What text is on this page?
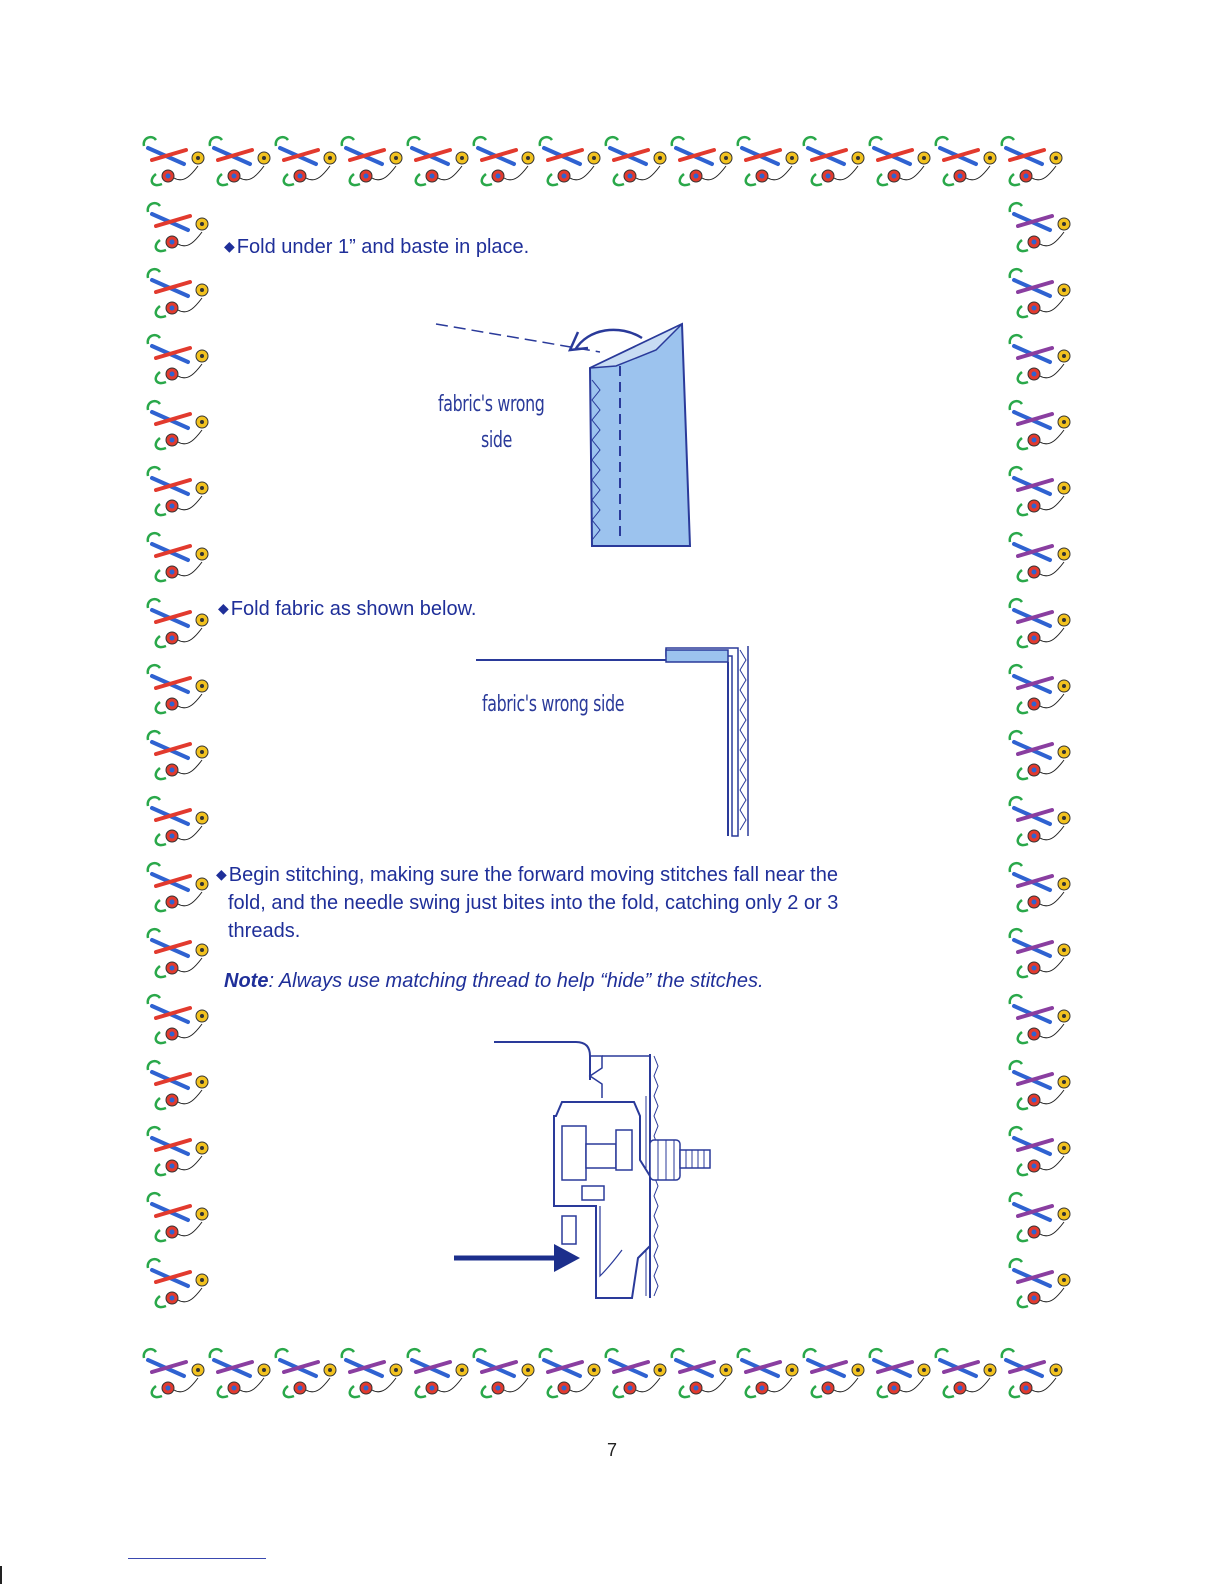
◆ Fold under 1” and baste in place.

fabric's wrong
side

◆ Fold fabric as shown below.

fabric's wrong side

◆ Begin stitching, making sure the forward moving stitches fall near the
fold, and the needle swing just bites into the fold, catching only 2 or 3
threads.

Note: Always use matching thread to help “hide” the stitches.

7
